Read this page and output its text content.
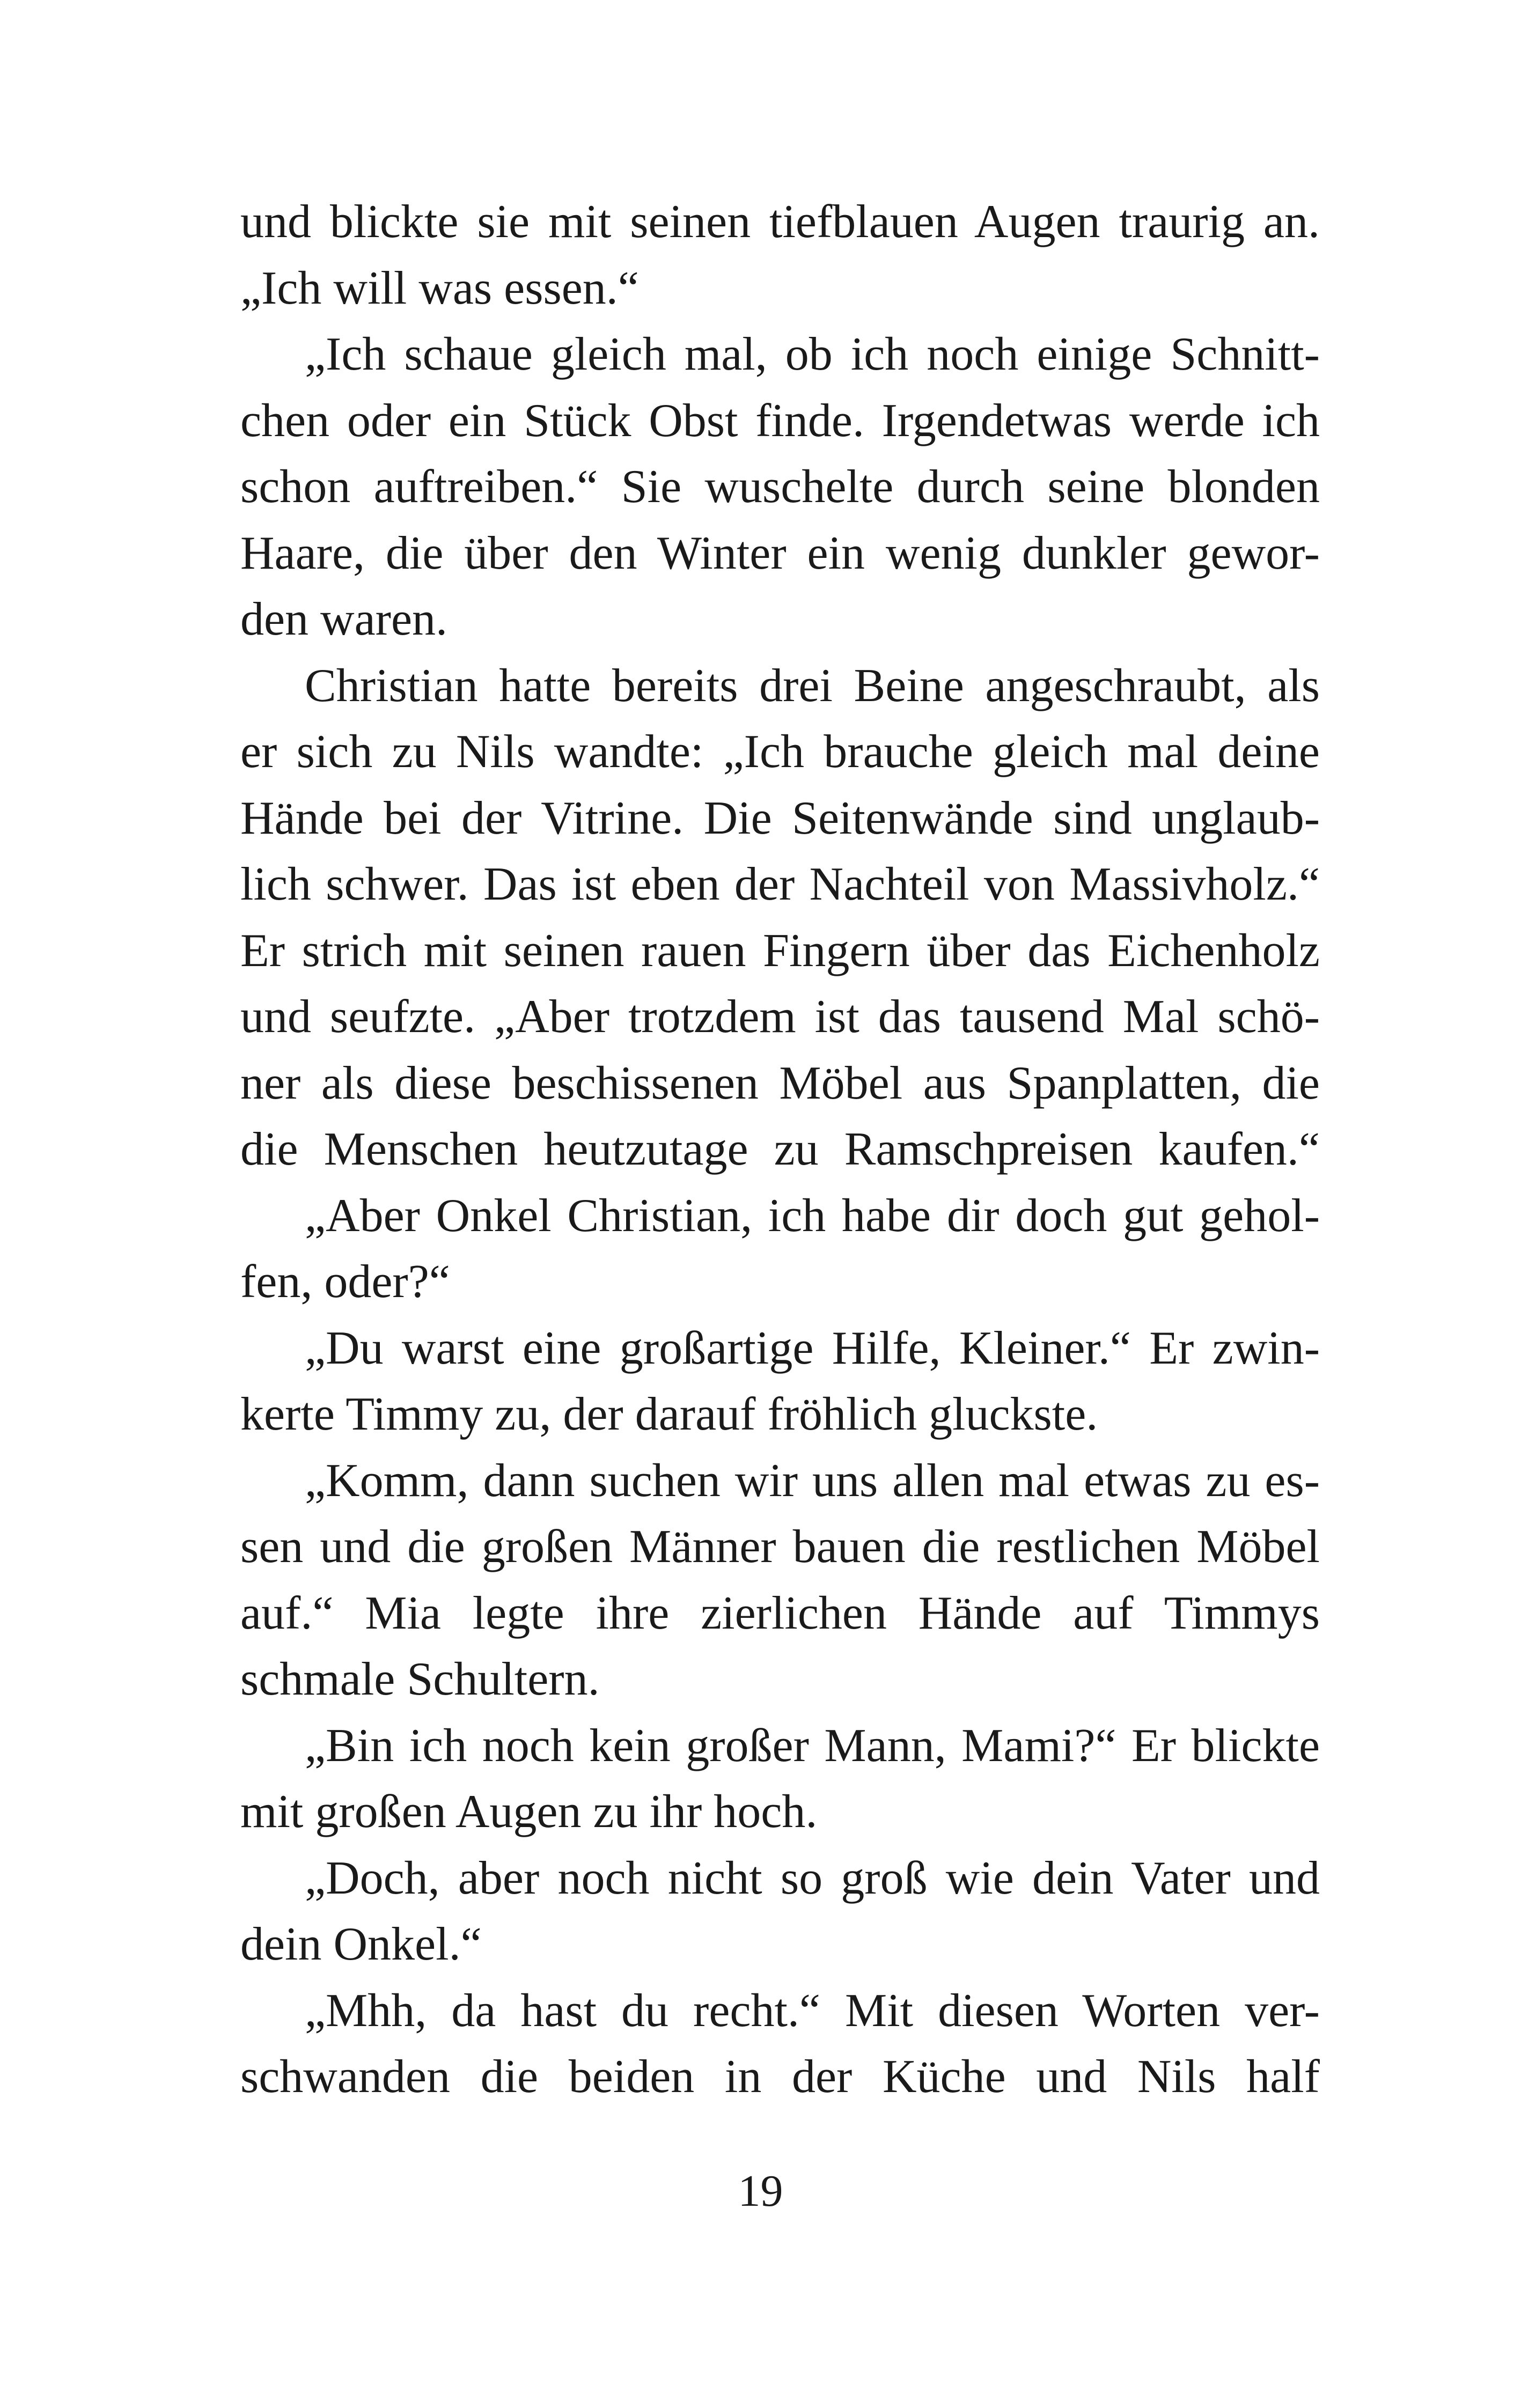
und blickte sie mit seinen tiefblauen Augen traurig an.
„Ich will was essen.“
„Ich schaue gleich mal, ob ich noch einige Schnitt-
chen oder ein Stück Obst finde. Irgendetwas werde ich
schon auftreiben.“ Sie wuschelte durch seine blonden
Haare, die über den Winter ein wenig dunkler gewor-
den waren.
Christian hatte bereits drei Beine angeschraubt, als
er sich zu Nils wandte: „Ich brauche gleich mal deine
Hände bei der Vitrine. Die Seitenwände sind unglaub-
lich schwer. Das ist eben der Nachteil von Massivholz.“
Er strich mit seinen rauen Fingern über das Eichenholz
und seufzte. „Aber trotzdem ist das tausend Mal schö-
ner als diese beschissenen Möbel aus Spanplatten, die
die Menschen heutzutage zu Ramschpreisen kaufen.“
„Aber Onkel Christian, ich habe dir doch gut gehol-
fen, oder?“
„Du warst eine großartige Hilfe, Kleiner.“ Er zwin-
kerte Timmy zu, der darauf fröhlich gluckste.
„Komm, dann suchen wir uns allen mal etwas zu es-
sen und die großen Männer bauen die restlichen Möbel
auf.“ Mia legte ihre zierlichen Hände auf Timmys
schmale Schultern.
„Bin ich noch kein großer Mann, Mami?“ Er blickte
mit großen Augen zu ihr hoch.
„Doch, aber noch nicht so groß wie dein Vater und
dein Onkel.“
„Mhh, da hast du recht.“ Mit diesen Worten ver-
schwanden die beiden in der Küche und Nils half
19
